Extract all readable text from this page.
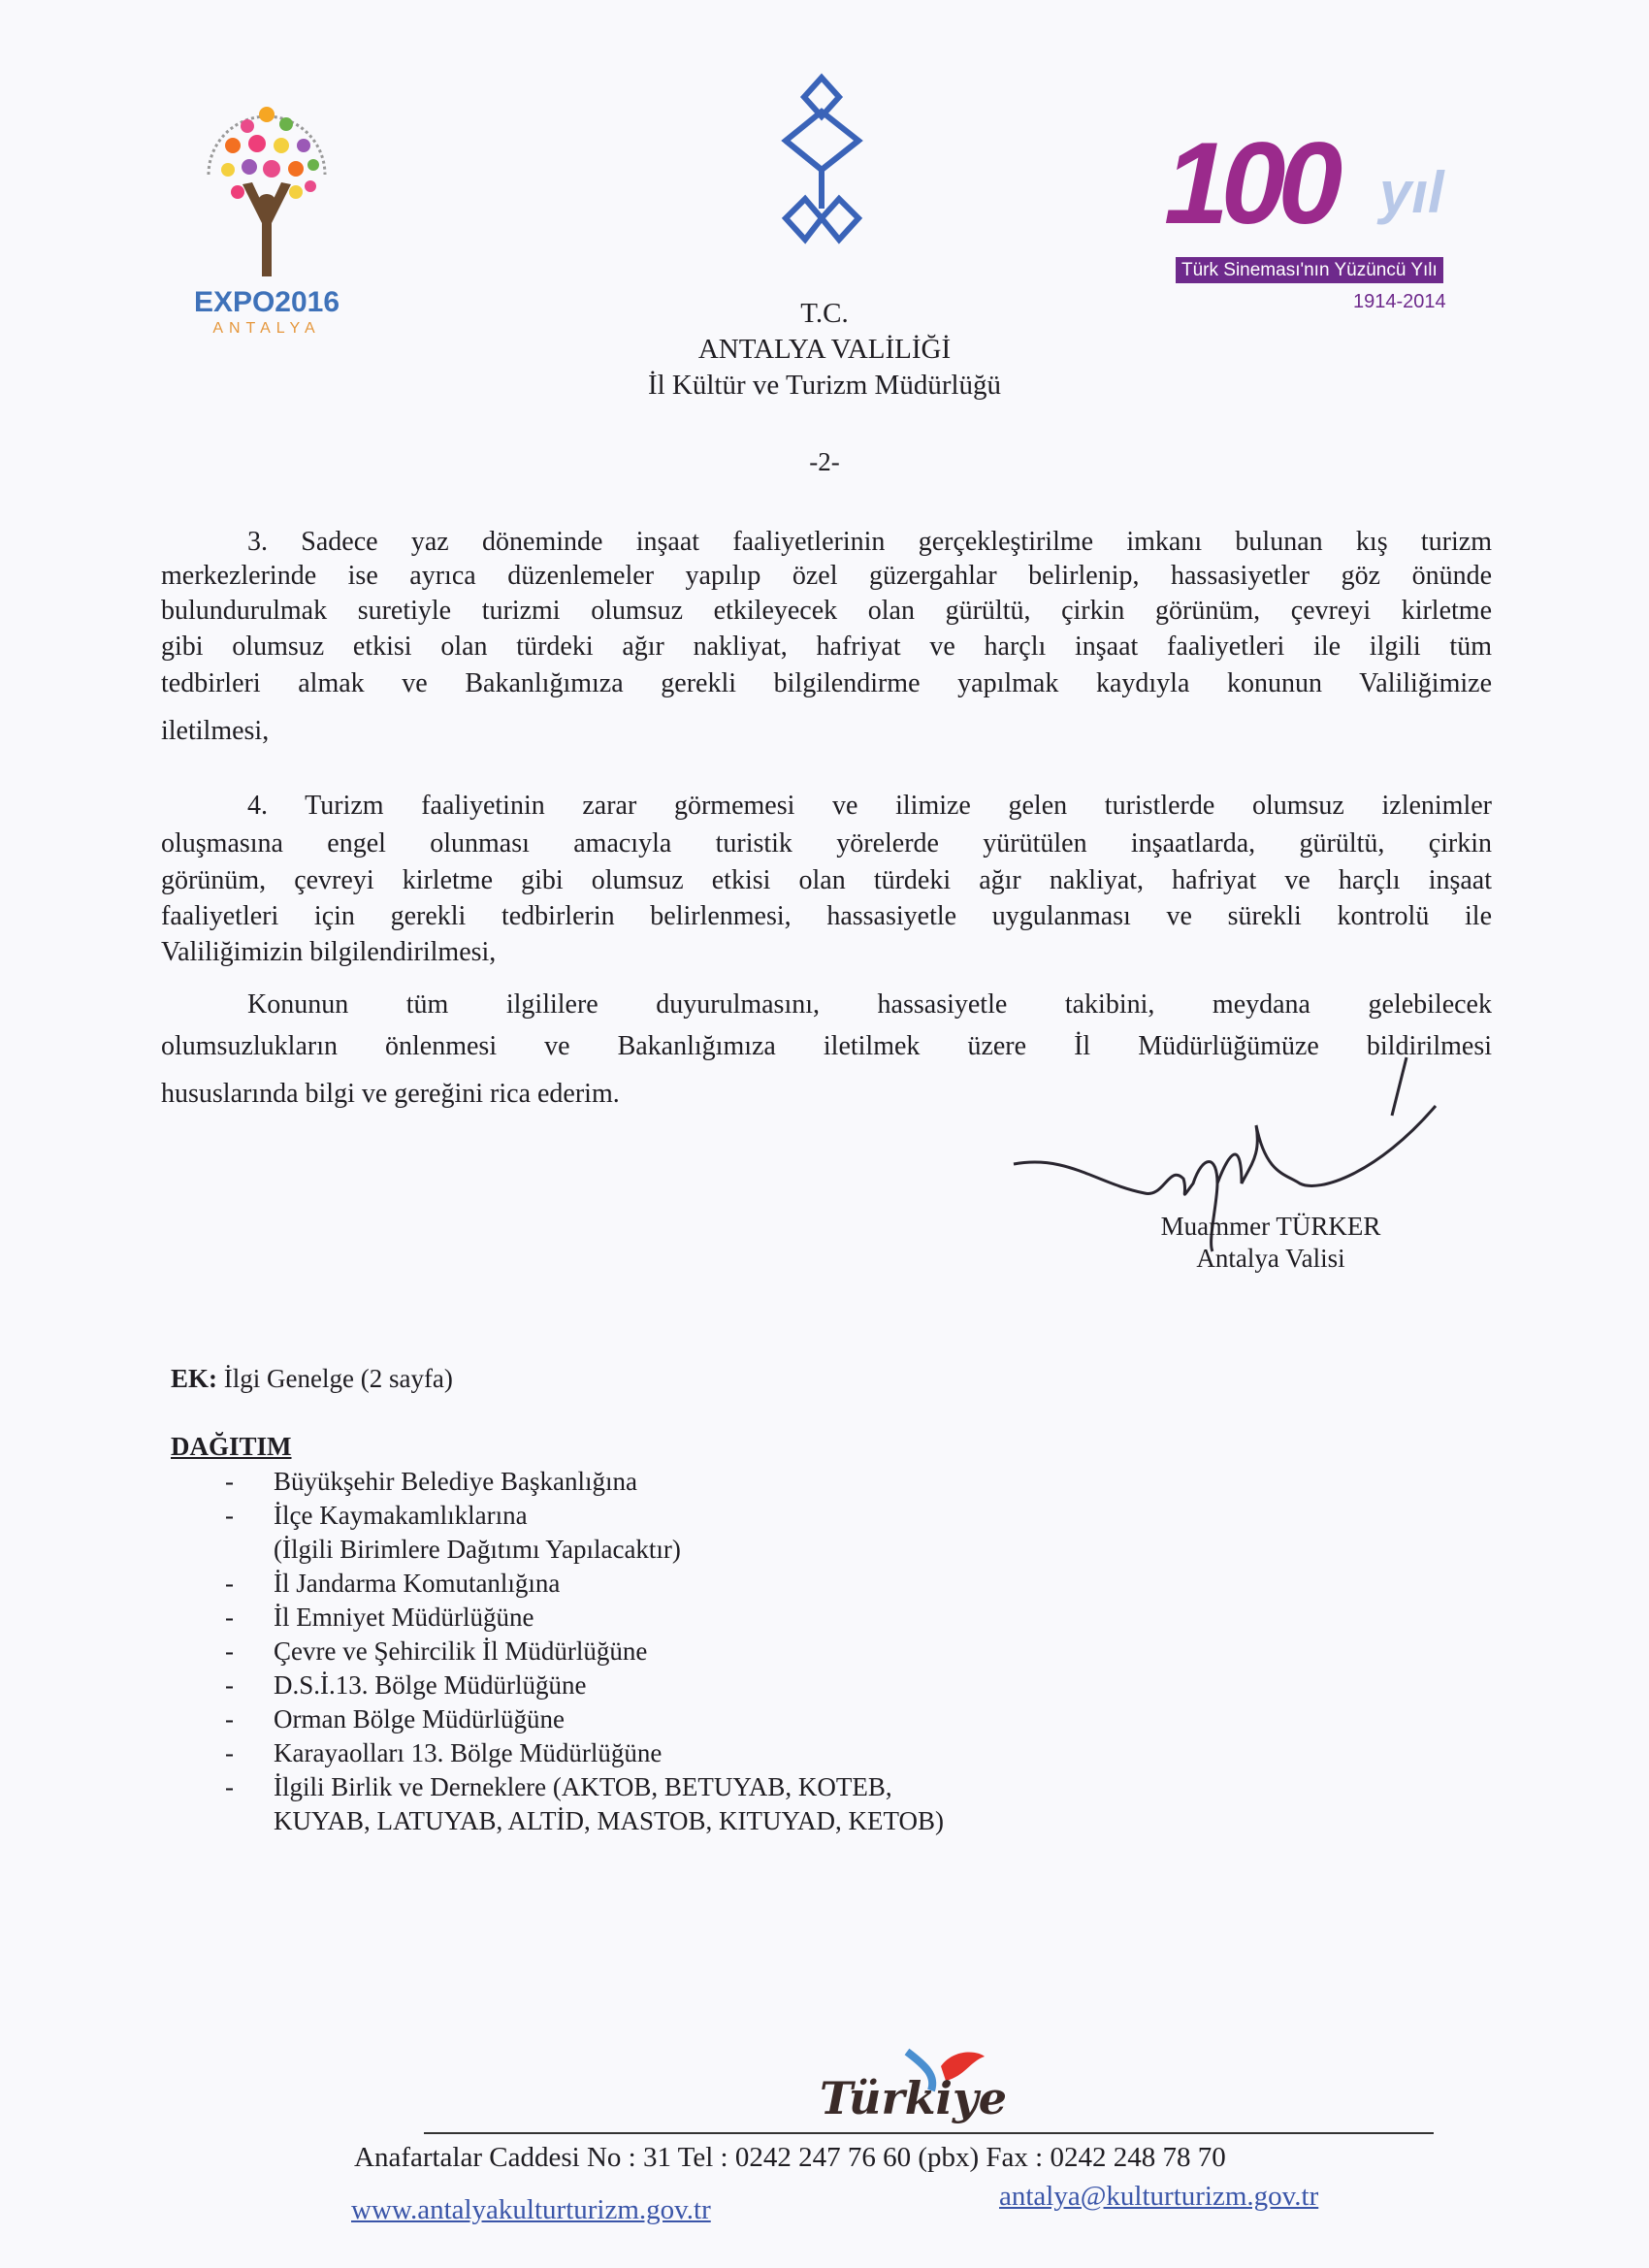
EXPO2016
ANTALYA
100 yıl
Türk Sineması'nın Yüzüncü Yılı
1914-2014
T.C.
ANTALYA VALİLİĞİ
İl Kültür ve Turizm Müdürlüğü
-2-
3. Sadece yaz döneminde inşaat faaliyetlerinin gerçekleştirilme imkanı bulunan kış turizm
merkezlerinde ise ayrıca düzenlemeler yapılıp özel güzergahlar belirlenip, hassasiyetler göz önünde
bulundurulmak suretiyle turizmi olumsuz etkileyecek olan gürültü, çirkin görünüm, çevreyi kirletme
gibi olumsuz etkisi olan türdeki ağır nakliyat, hafriyat ve harçlı inşaat faaliyetleri ile ilgili tüm
tedbirleri almak ve Bakanlığımıza gerekli bilgilendirme yapılmak kaydıyla konunun Valiliğimize
iletilmesi,
4. Turizm faaliyetinin zarar görmemesi ve ilimize gelen turistlerde olumsuz izlenimler
oluşmasına engel olunması amacıyla turistik yörelerde yürütülen inşaatlarda, gürültü, çirkin
görünüm, çevreyi kirletme gibi olumsuz etkisi olan türdeki ağır nakliyat, hafriyat ve harçlı inşaat
faaliyetleri için gerekli tedbirlerin belirlenmesi, hassasiyetle uygulanması ve sürekli kontrolü ile
Valiliğimizin bilgilendirilmesi,
Konunun tüm ilgililere duyurulmasını, hassasiyetle takibini, meydana gelebilecek
olumsuzlukların önlenmesi ve Bakanlığımıza iletilmek üzere İl Müdürlüğümüze bildirilmesi
hususlarında bilgi ve gereğini rica ederim.
Muammer TÜRKER
Antalya Valisi
EK: İlgi Genelge (2 sayfa)
DAĞITIM
- Büyükşehir Belediye Başkanlığına
- İlçe Kaymakamlıklarına
(İlgili Birimlere Dağıtımı Yapılacaktır)
- İl Jandarma Komutanlığına
- İl Emniyet Müdürlüğüne
- Çevre ve Şehircilik İl Müdürlüğüne
- D.S.İ.13. Bölge Müdürlüğüne
- Orman Bölge Müdürlüğüne
- Karayaolları 13. Bölge Müdürlüğüne
- İlgili Birlik ve Derneklere (AKTOB, BETUYAB, KOTEB,
KUYAB, LATUYAB, ALTİD, MASTOB, KITUYAD, KETOB)
Türkiye
Anafartalar Caddesi No : 31 Tel : 0242 247 76 60 (pbx) Fax : 0242 248 78 70
antalya@kulturturizm.gov.tr
www.antalyakulturturizm.gov.tr
